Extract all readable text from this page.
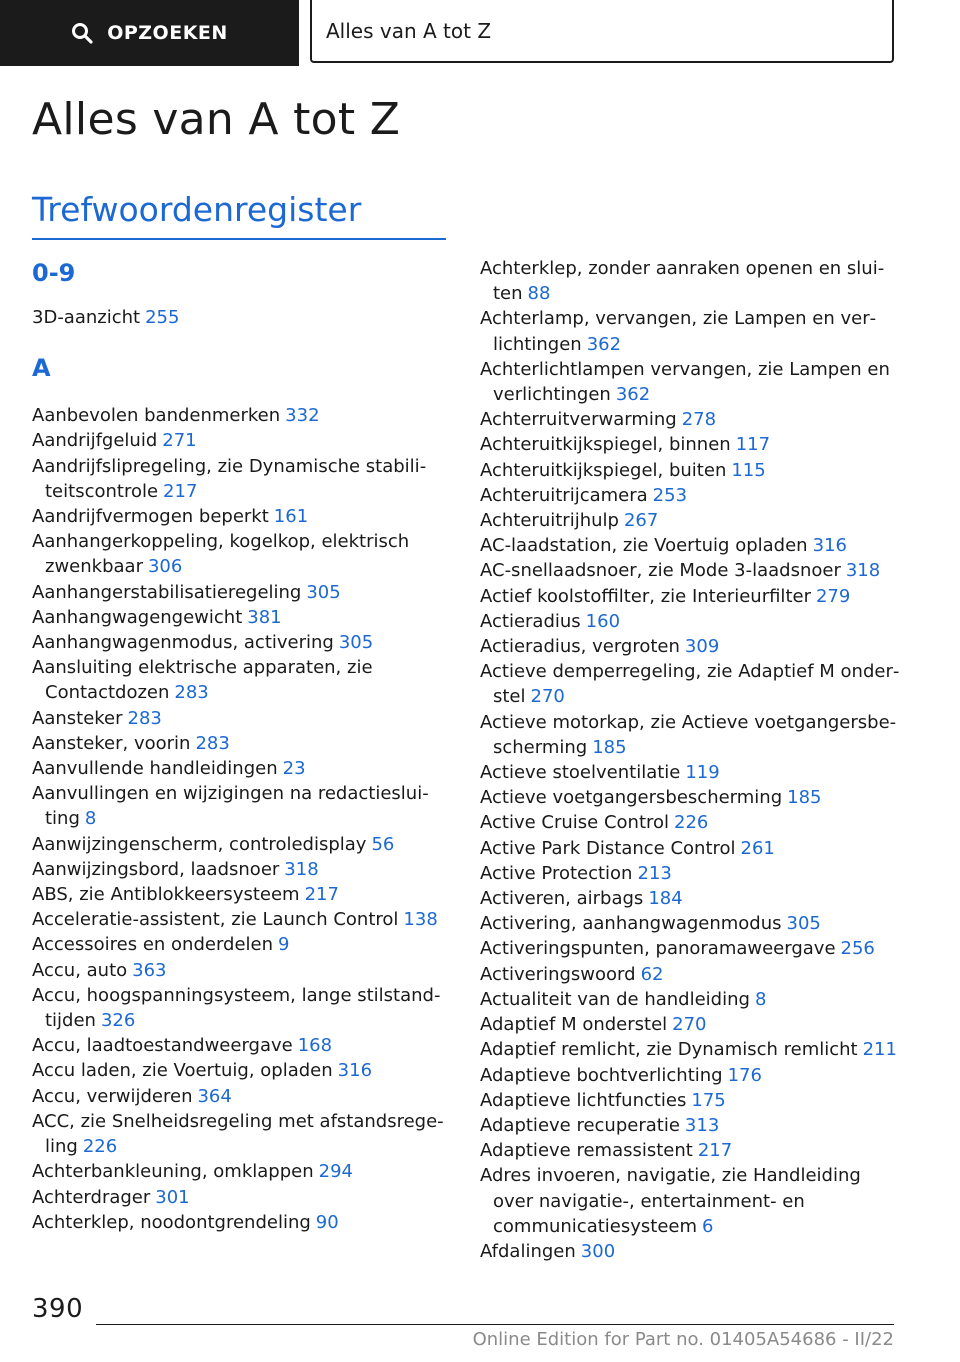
OPZOEKEN	Alles van A tot Z
Alles van A tot Z
Trefwoordenregister
0-9

3D-aanzicht 255

A

Aanbevolen bandenmerken 332

Aandrijfgeluid 271

Aandrijfslipregeling, zie Dynamische stabiliteitscontrole 217

Aandrijfvermogen beperkt 161

Aanhangerkoppeling, kogelkop, elektrisch zwenkbaar 306

Aanhangerstabilisatieregeling 305

Aanhangwagengewicht 381

Aanhangwagenmodus, activering 305

Aansluiting elektrische apparaten, zie Contactdozen 283

Aansteker 283

Aansteker, voorin 283

Aanvullende handleidingen 23

Aanvullingen en wijzigingen na redactiesluiting 8

Aanwijzingenscherm, controledisplay 56

Aanwijzingsbord, laadsnoer 318

ABS, zie Antiblokkeersysteem 217

Acceleratie-assistent, zie Launch Control 138

Accessoires en onderdelen 9

Accu, auto 363

Accu, hoogspanningsysteem, lange stilstandtijden 326

Accu, laadtoestandweergave 168

Accu laden, zie Voertuig, opladen 316

Accu, verwijderen 364

ACC, zie Snelheidsregeling met afstandsregeling 226

Achterbankleuning, omklappen 294

Achterdrager 301

Achterklep, noodontgrendeling 90

Achterklep, zonder aanraken openen en sluiten 88

Achterlamp, vervangen, zie Lampen en verlichtingen 362

Achterlichtlampen vervangen, zie Lampen en verlichtingen 362

Achterruitverwarming 278

Achteruitkijkspiegel, binnen 117

Achteruitkijkspiegel, buiten 115

Achteruitrijcamera 253

Achteruitrijhulp 267

AC-laadstation, zie Voertuig opladen 316

AC-snellaadsnoer, zie Mode 3-laadsnoer 318

Actief koolstoffilter, zie Interieurfilter 279

Actieradius 160

Actieradius, vergroten 309

Actieve demperregeling, zie Adaptief M onderstel 270

Actieve motorkap, zie Actieve voetgangersbescherming 185

Actieve stoelventilatie 119

Actieve voetgangersbescherming 185

Active Cruise Control 226

Active Park Distance Control 261

Active Protection 213

Activeren, airbags 184

Activering, aanhangwagenmodus 305

Activeringspunten, panoramaweergave 256

Activeringswoord 62

Actualiteit van de handleiding 8

Adaptief M onderstel 270

Adaptief remlicht, zie Dynamisch remlicht 211

Adaptieve bochtverlichting 176

Adaptieve lichtfuncties 175

Adaptieve recuperatie 313

Adaptieve remassistent 217

Adres invoeren, navigatie, zie Handleiding over navigatie-, entertainment- en communicatiesysteem 6

Afdalingen 300

390
Online Edition for Part no. 01405A54686 - II/22
